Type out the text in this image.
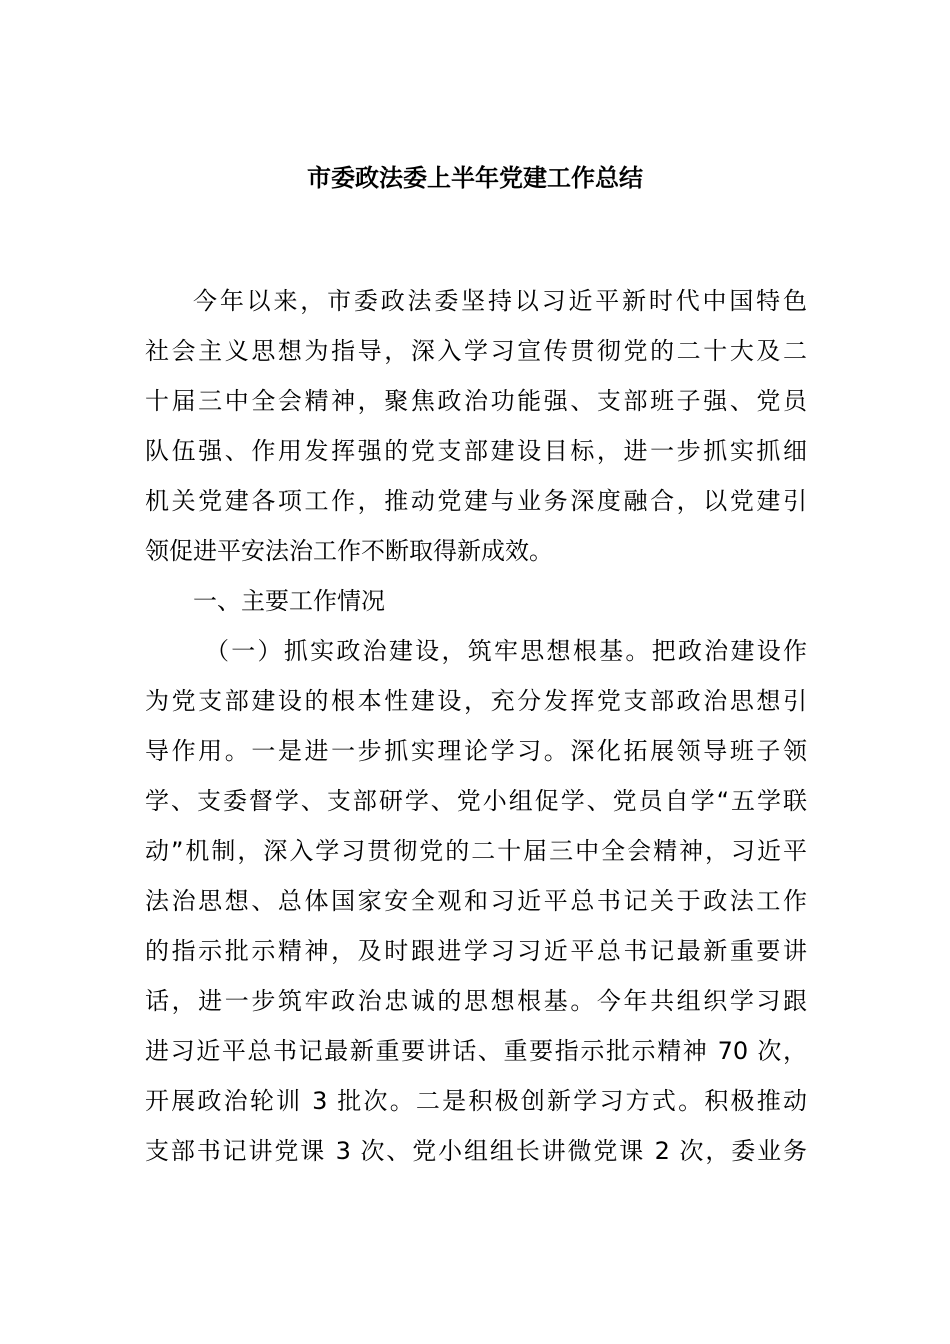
市委政法委上半年党建工作总结
今年以来，市委政法委坚持以习近平新时代中国特色
社会主义思想为指导，深入学习宣传贯彻党的二十大及二
十届三中全会精神，聚焦政治功能强、支部班子强、党员
队伍强、作用发挥强的党支部建设目标，进一步抓实抓细
机关党建各项工作，推动党建与业务深度融合，以党建引
领促进平安法治工作不断取得新成效。
一、主要工作情况
（一）抓实政治建设，筑牢思想根基。把政治建设作
为党支部建设的根本性建设，充分发挥党支部政治思想引
导作用。一是进一步抓实理论学习。深化拓展领导班子领
学、支委督学、支部研学、党小组促学、党员自学“五学联
动”机制，深入学习贯彻党的二十届三中全会精神，习近平
法治思想、总体国家安全观和习近平总书记关于政法工作
的指示批示精神，及时跟进学习习近平总书记最新重要讲
话，进一步筑牢政治忠诚的思想根基。今年共组织学习跟
进习近平总书记最新重要讲话、重要指示批示精神 70 次，
开展政治轮训 3 批次。二是积极创新学习方式。积极推动
支部书记讲党课 3 次、党小组组长讲微党课 2 次，委业务
